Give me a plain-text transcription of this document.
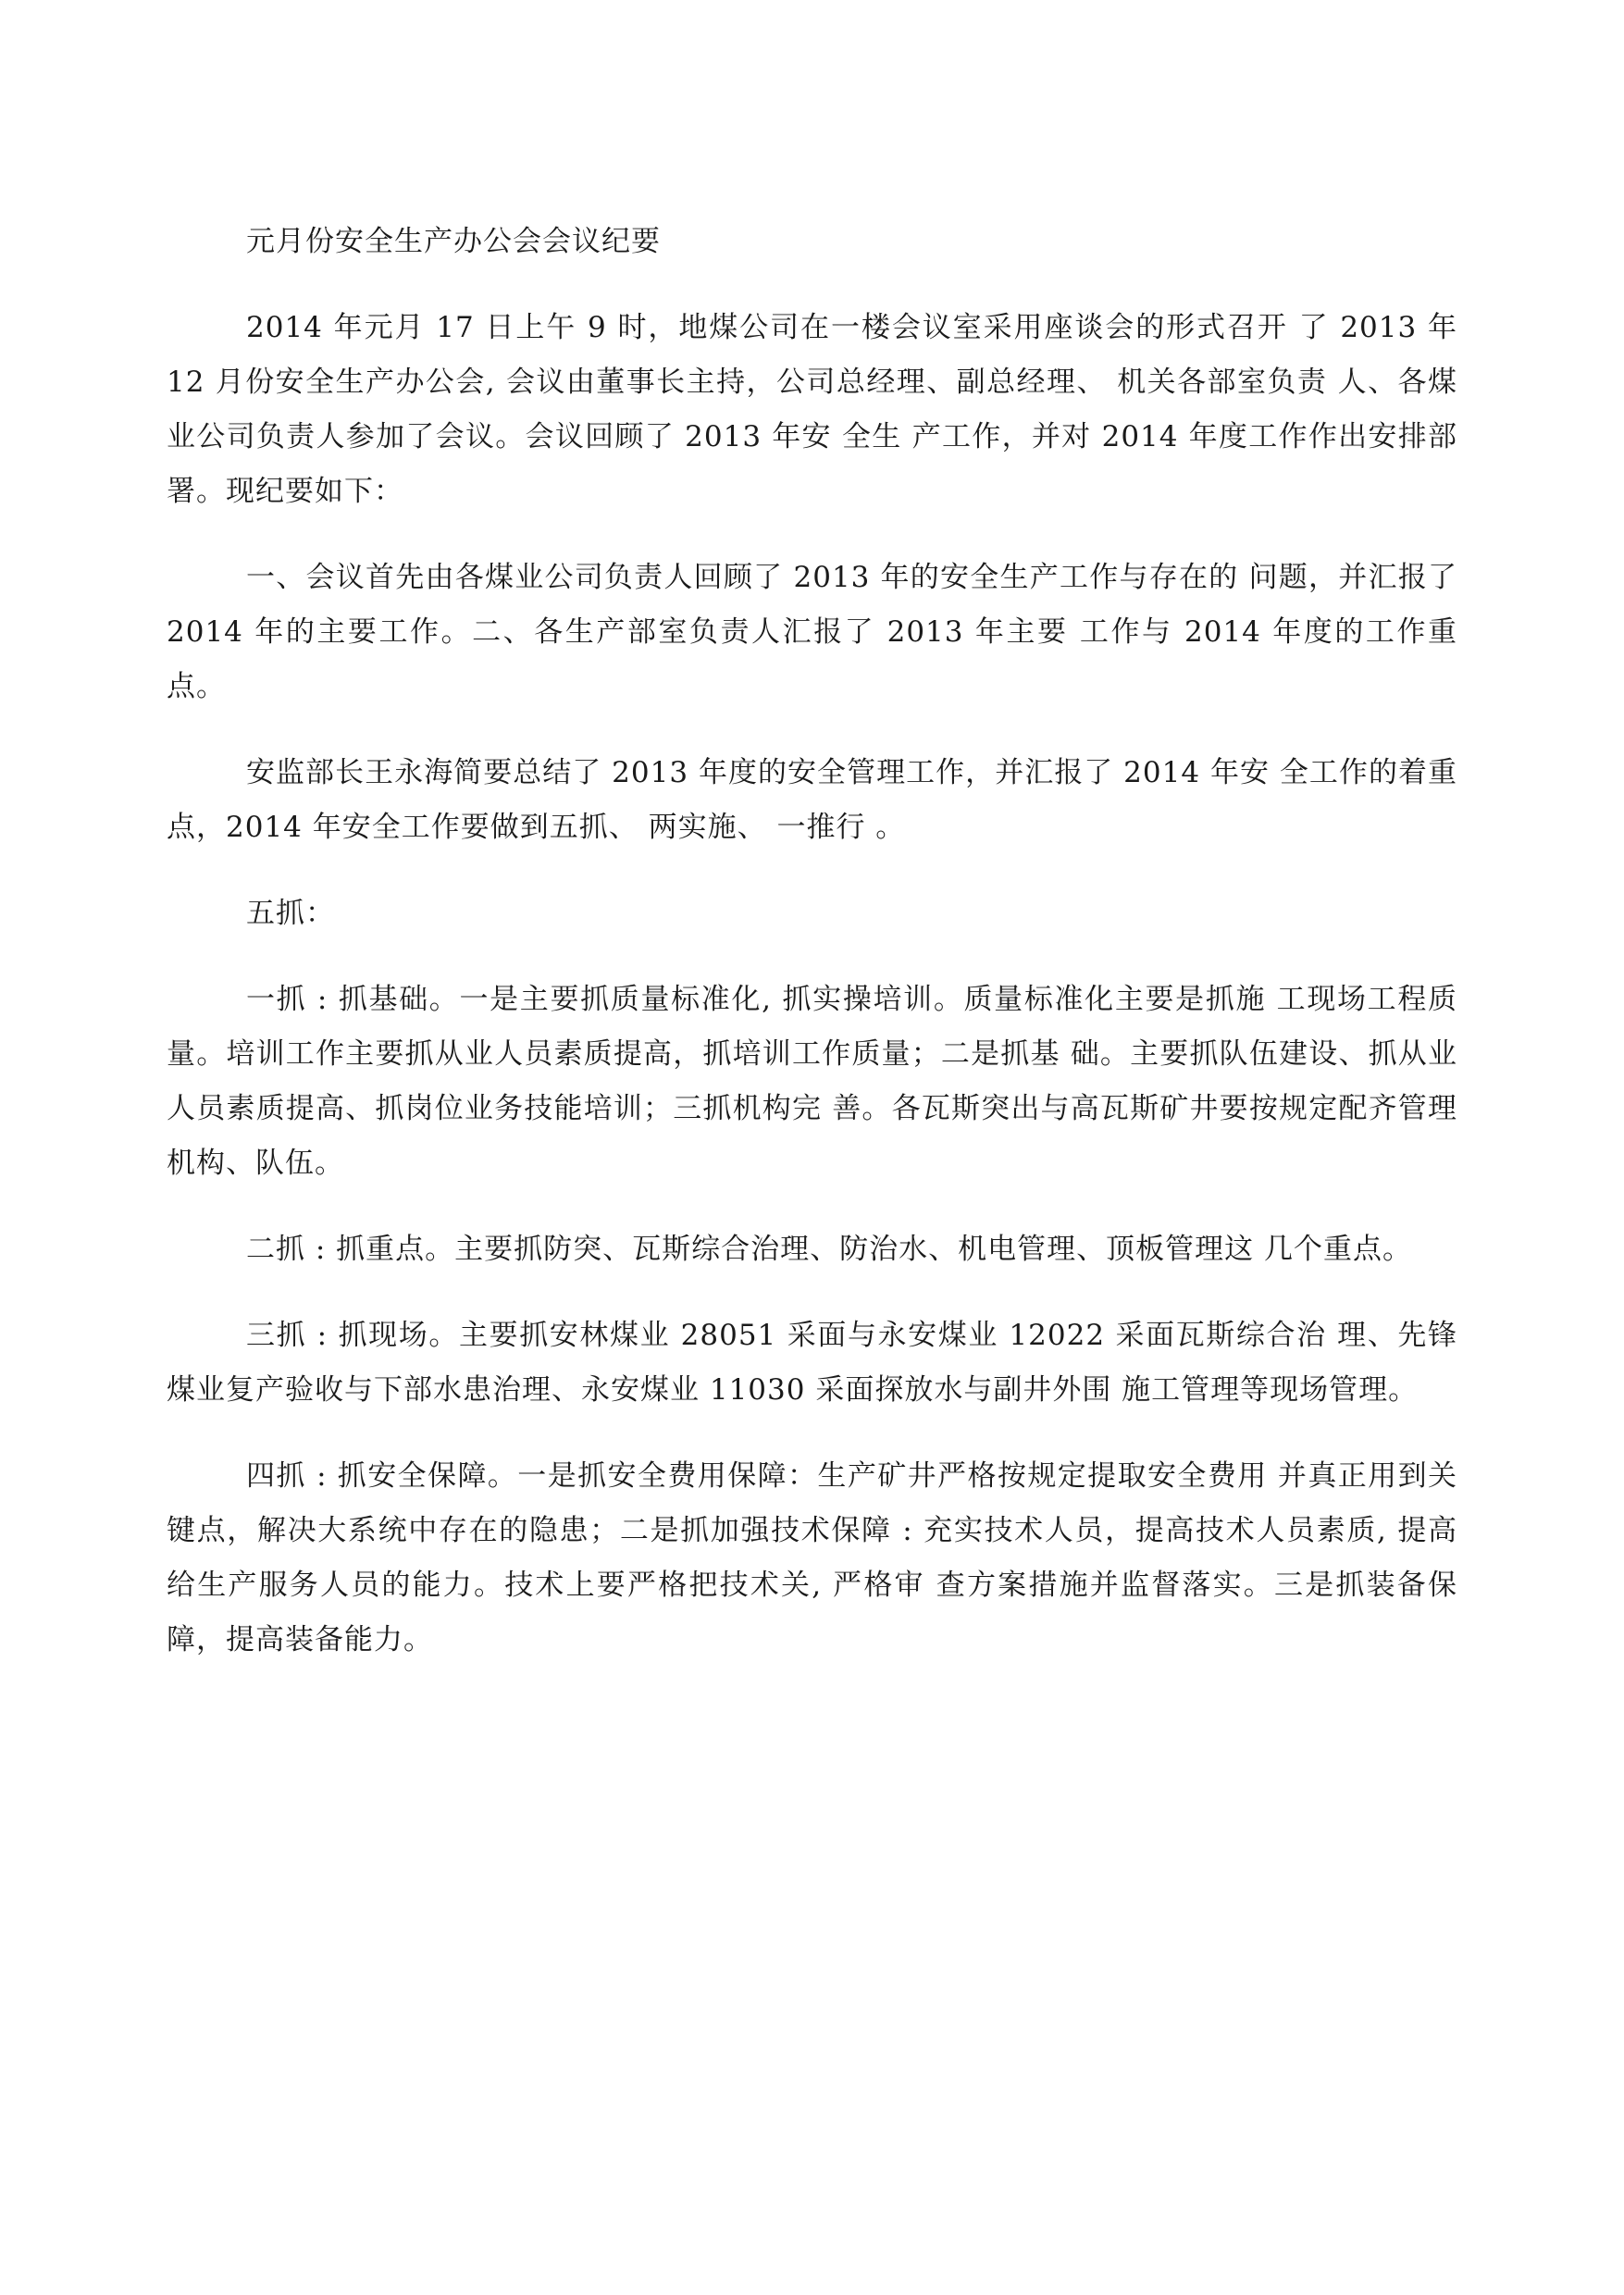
元月份安全生产办公会会议纪要

2014 年元月 17 日上午 9 时，地煤公司在一楼会议室采用座谈会的形式召开 了 2013 年 12 月份安全生产办公会, 会议由董事长主持，公司总经理、副总经理、 机关各部室负责 人、各煤业公司负责人参加了会议。会议回顾了 2013 年安 全生 产工作，并对 2014 年度工作作出安排部署。现纪要如下：

一、会议首先由各煤业公司负责人回顾了 2013 年的安全生产工作与存在的 问题，并汇报了 2014 年的主要工作。二、各生产部室负责人汇报了 2013 年主要 工作与 2014 年度的工作重点。

安监部长王永海简要总结了 2013 年度的安全管理工作，并汇报了 2014 年安 全工作的着重点，2014 年安全工作要做到五抓、 两实施、 一推行 。

五抓：

一抓 : 抓基础。一是主要抓质量标准化, 抓实操培训。质量标准化主要是抓施 工现场工程质量。培训工作主要抓从业人员素质提高，抓培训工作质量；二是抓基 础。主要抓队伍建设、抓从业人员素质提高、抓岗位业务技能培训；三抓机构完 善。各瓦斯突出与高瓦斯矿井要按规定配齐管理机构、队伍。

二抓 : 抓重点。主要抓防突、瓦斯综合治理、防治水、机电管理、顶板管理这 几个重点。

三抓 : 抓现场。主要抓安林煤业 28051 采面与永安煤业 12022 采面瓦斯综合治 理、先锋煤业复产验收与下部水患治理、永安煤业 11030 采面探放水与副井外围 施工管理等现场管理。

四抓 : 抓安全保障。一是抓安全费用保障：生产矿井严格按规定提取安全费用 并真正用到关键点，解决大系统中存在的隐患；二是抓加强技术保障 : 充实技术人员，提高技术人员素质, 提高给生产服务人员的能力。技术上要严格把技术关, 严格审 查方案措施并监督落实。三是抓装备保障，提高装备能力。
